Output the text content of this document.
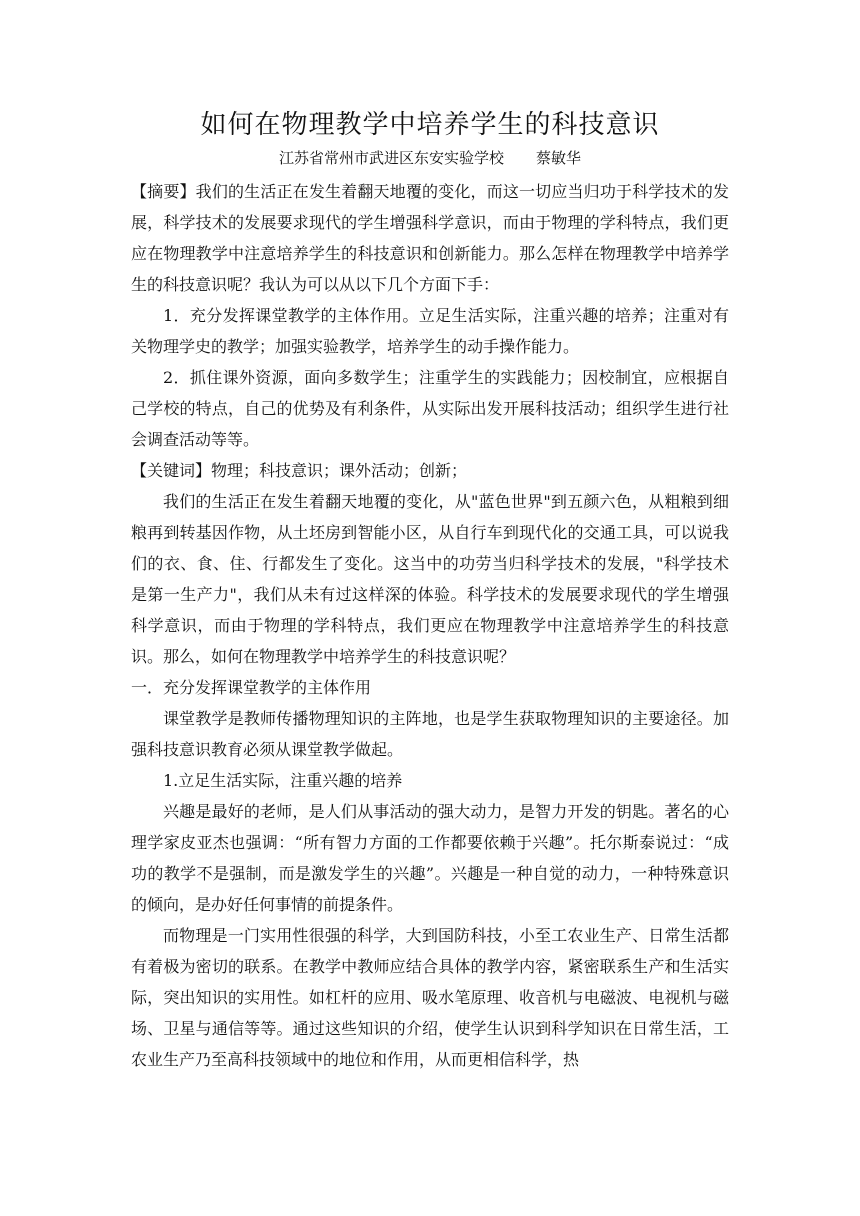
如何在物理教学中培养学生的科技意识
江苏省常州市武进区东安实验学校 蔡敏华

【摘要】我们的生活正在发生着翻天地覆的变化，而这一切应当归功于科学技术的发展，科学技术的发展要求现代的学生增强科学意识，而由于物理的学科特点，我们更应在物理教学中注意培养学生的科技意识和创新能力。那么怎样在物理教学中培养学生的科技意识呢？我认为可以从以下几个方面下手：

1．充分发挥课堂教学的主体作用。立足生活实际，注重兴趣的培养；注重对有关物理学史的教学；加强实验教学，培养学生的动手操作能力。

2．抓住课外资源，面向多数学生；注重学生的实践能力；因校制宜，应根据自己学校的特点，自己的优势及有利条件，从实际出发开展科技活动；组织学生进行社会调查活动等等。

【关键词】物理；科技意识；课外活动；创新；

我们的生活正在发生着翻天地覆的变化，从"蓝色世界"到五颜六色，从粗粮到细粮再到转基因作物，从土坯房到智能小区，从自行车到现代化的交通工具，可以说我们的衣、食、住、行都发生了变化。这当中的功劳当归科学技术的发展，"科学技术是第一生产力"，我们从未有过这样深的体验。科学技术的发展要求现代的学生增强科学意识，而由于物理的学科特点，我们更应在物理教学中注意培养学生的科技意识。那么，如何在物理教学中培养学生的科技意识呢？

一．充分发挥课堂教学的主体作用

课堂教学是教师传播物理知识的主阵地，也是学生获取物理知识的主要途径。加强科技意识教育必须从课堂教学做起。

1.立足生活实际，注重兴趣的培养

兴趣是最好的老师，是人们从事活动的强大动力，是智力开发的钥匙。著名的心理学家皮亚杰也强调：“所有智力方面的工作都要依赖于兴趣”。托尔斯泰说过：“成功的教学不是强制，而是激发学生的兴趣”。兴趣是一种自觉的动力，一种特殊意识的倾向，是办好任何事情的前提条件。

而物理是一门实用性很强的科学，大到国防科技，小至工农业生产、日常生活都有着极为密切的联系。在教学中教师应结合具体的教学内容，紧密联系生产和生活实际，突出知识的实用性。如杠杆的应用、吸水笔原理、收音机与电磁波、电视机与磁场、卫星与通信等等。通过这些知识的介绍，使学生认识到科学知识在日常生活，工农业生产乃至高科技领域中的地位和作用，从而更相信科学，热
